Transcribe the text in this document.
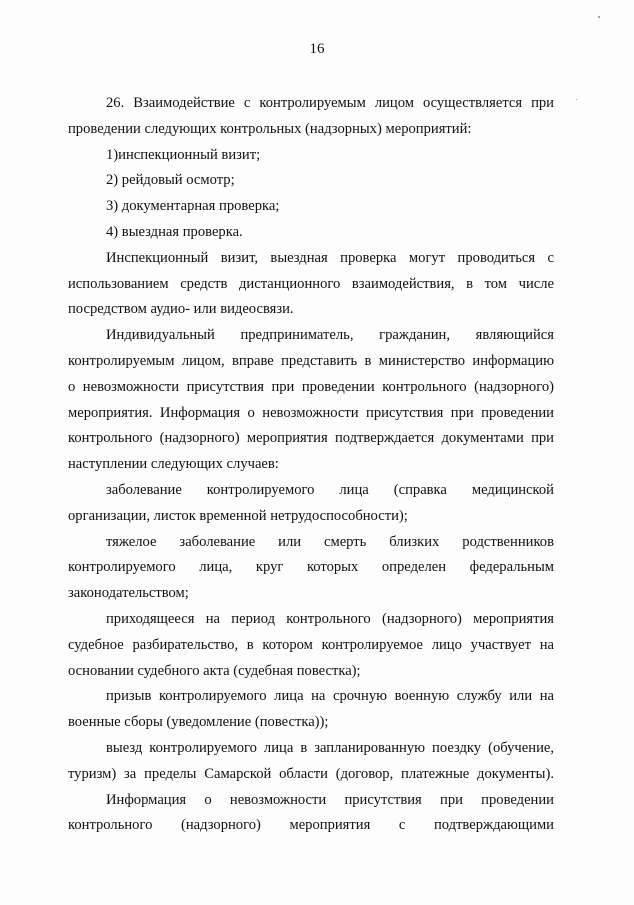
16
26. Взаимодействие с контролируемым лицом осуществляется при
проведении следующих контрольных (надзорных) мероприятий:
1)инспекционный визит;
2) рейдовый осмотр;
3) документарная проверка;
4) выездная проверка.
Инспекционный визит, выездная проверка могут проводиться с
использованием средств дистанционного взаимодействия, в том числе
посредством аудио- или видеосвязи.
Индивидуальный предприниматель, гражданин, являющийся
контролируемым лицом, вправе представить в министерство информацию
о невозможности присутствия при проведении контрольного (надзорного)
мероприятия. Информация о невозможности присутствия при проведении
контрольного (надзорного) мероприятия подтверждается документами при
наступлении следующих случаев:
заболевание контролируемого лица (справка медицинской
организации, листок временной нетрудоспособности);
тяжелое заболевание или смерть близких родственников
контролируемого лица, круг которых определен федеральным
законодательством;
приходящееся на период контрольного (надзорного) мероприятия
судебное разбирательство, в котором контролируемое лицо участвует на
основании судебного акта (судебная повестка);
призыв контролируемого лица на срочную военную службу или на
военные сборы (уведомление (повестка));
выезд контролируемого лица в запланированную поездку (обучение,
туризм) за пределы Самарской области (договор, платежные документы).
Информация о невозможности присутствия при проведении
контрольного (надзорного) мероприятия с подтверждающими
